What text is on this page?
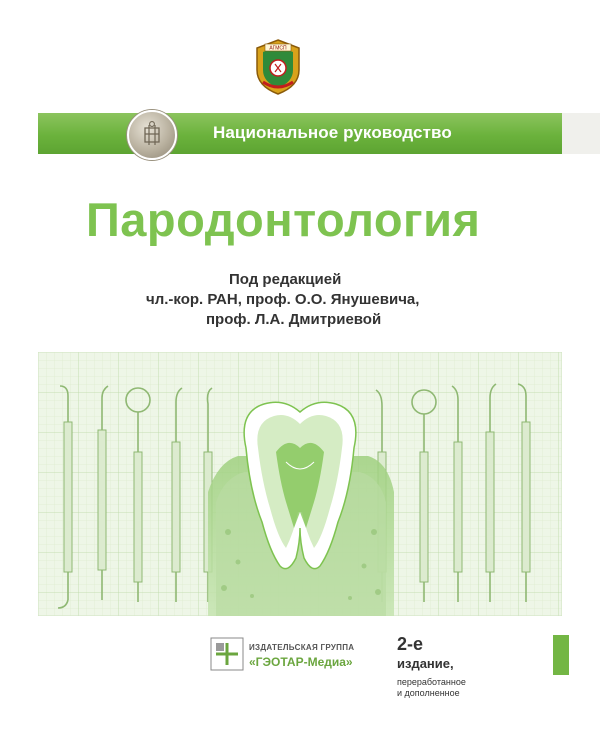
АГМСП
Национальное руководство
Пародонтология
Под редакцией
чл.-кор. РАН, проф. О.О. Янушевича,
проф. Л.А. Дмитриевой
ИЗДАТЕЛЬСКАЯ ГРУППА
«ГЭОТАР-Медиа»
2-е
издание,
переработанное
и дополненное
